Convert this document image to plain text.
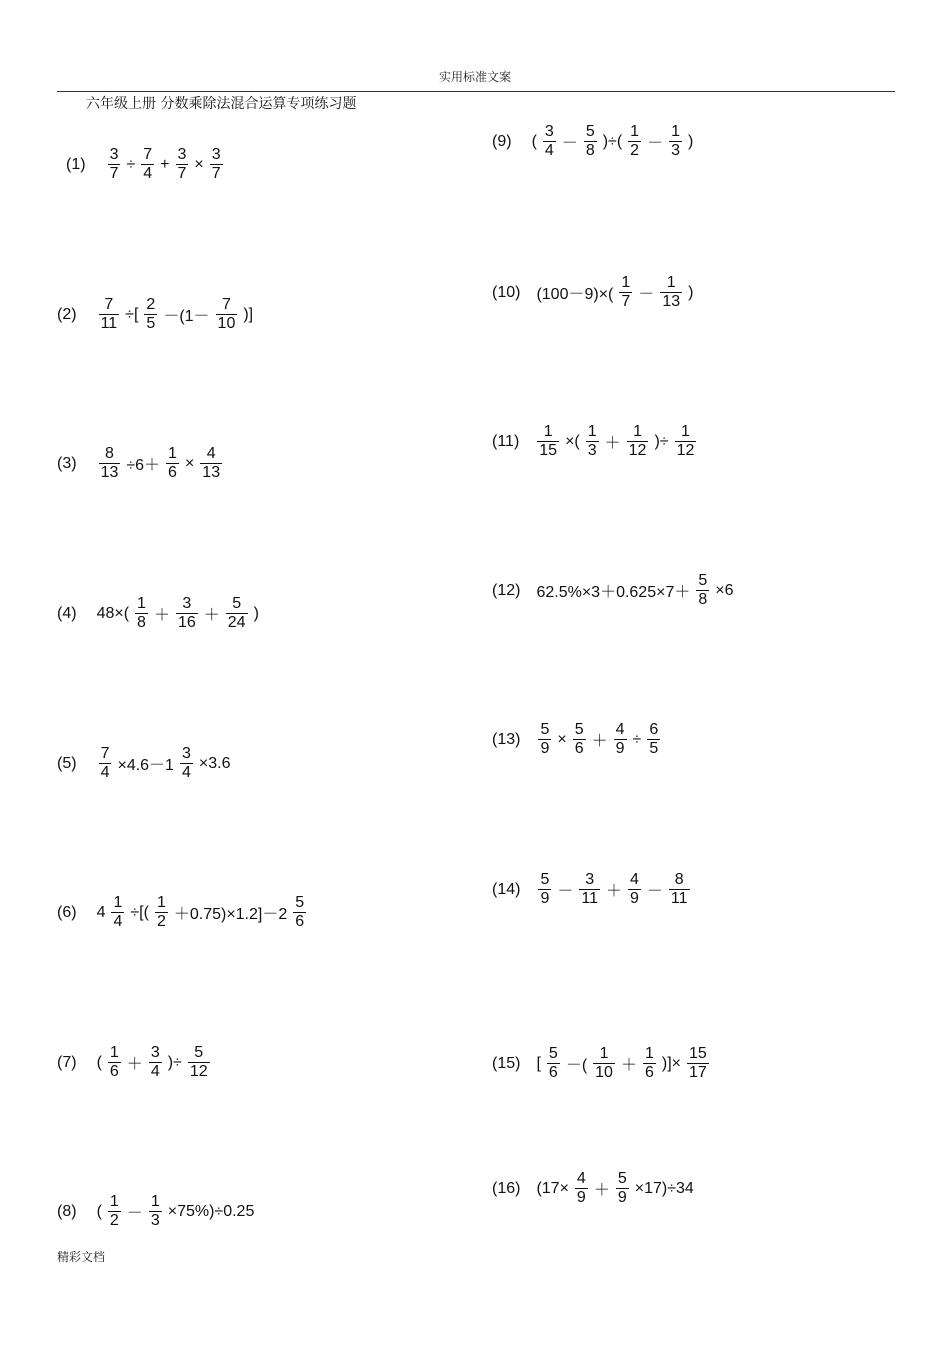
实用标准文案
六年级上册 分数乘除法混合运算专项练习题
$(1) \frac{3}{7} \div \frac{7}{4} + \frac{3}{7} \times \frac{3}{7}$
$(2) \frac{7}{11}$ ÷[ $\frac{2}{5} -(1- \frac{7}{10}$ )]
$(3) \frac{8}{13} \div 6+ \frac{1}{6} \times \frac{4}{13}$
(4) $48\times( \frac{1}{8} + \frac{3}{16} + \frac{5}{24}$ )
$(5) \frac{7}{4} \times 4.6-1 \frac{3}{4} \times 3.6$
(6) $4 \frac{1}{4}$ ÷[( $\frac{1}{2} +0.75)\times 1.2]-2 \frac{5}{6}$
(7) ( $\frac{1}{6} + \frac{3}{4}$ )÷ $\frac{5}{12}$
(8) ( $\frac{1}{2} - \frac{1}{3} \times 75\%)\div 0.25$
(9) ( $\frac{3}{4} - \frac{5}{8}$ )÷( $\frac{1}{2} - \frac{1}{3}$ )
(10) $(100-9)\times( \frac{1}{7} - \frac{1}{13}$ )
$(11) \frac{1}{15}$ ×( $\frac{1}{3} + \frac{1}{12}$ )÷ $\frac{1}{12}$
(12) $62.5\%\times 3+0.625\times 7+ \frac{5}{8} \times 6$
$(13) \frac{5}{9} \times \frac{5}{6} + \frac{4}{9} \div \frac{6}{5}$
$(14) \frac{5}{9} - \frac{3}{11} + \frac{4}{9} - \frac{8}{11}$
(15) [ $\frac{5}{6}$ －( $\frac{1}{10} + \frac{1}{6}$ )]× $\frac{15}{17}$
(16) $(17\times \frac{4}{9} + \frac{5}{9} \times 17)\div 34$
精彩文档
